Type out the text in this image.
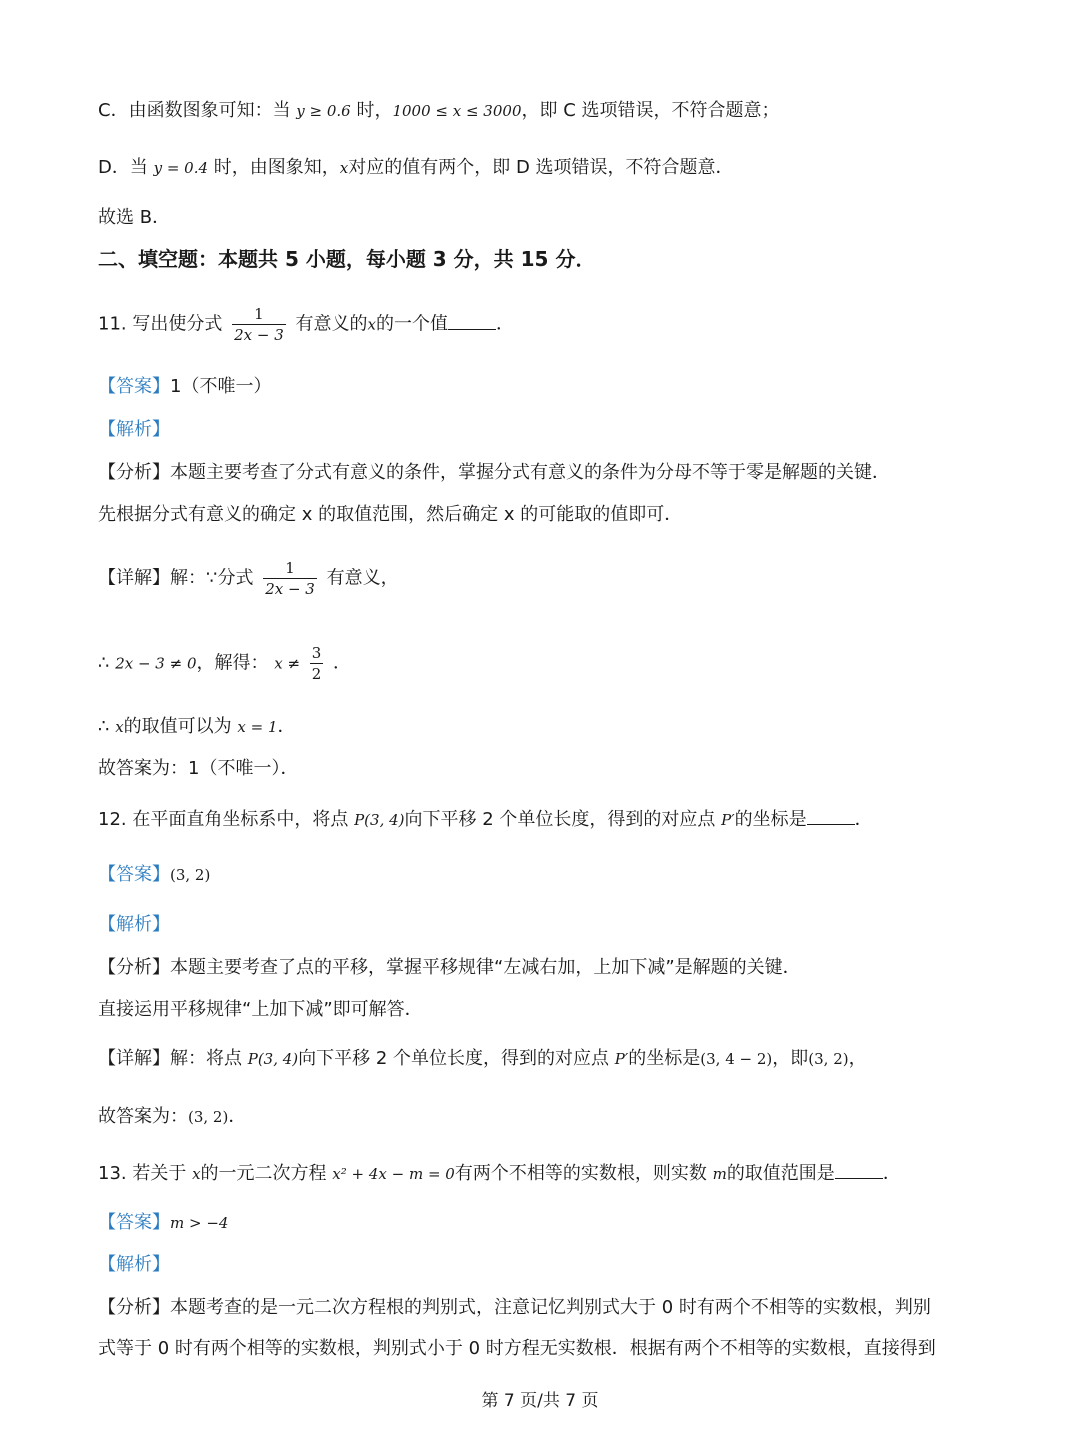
C．由函数图象可知：当 y ≥ 0.6 时，1000 ≤ x ≤ 3000，即 C 选项错误，不符合题意；
D．当 y = 0.4 时，由图象知，x对应的值有两个，即 D 选项错误，不符合题意．
故选 B．
二、填空题：本题共 5 小题，每小题 3 分，共 15 分．
11. 写出使分式 $\frac{1}{2x - 3}$ 有意义的x的一个值	．
【答案】1（不唯一）
【解析】
【分析】本题主要考查了分式有意义的条件，掌握分式有意义的条件为分母不等于零是解题的关键．
先根据分式有意义的确定 x 的取值范围，然后确定 x 的可能取的值即可．
【详解】解：∵分式 $\frac{1}{2x - 3}$ 有意义，
∴ 2x − 3 ≠ 0，解得： $x \ne \frac{3}{2}$ ．
∴ x的取值可以为 x = 1．
故答案为：1（不唯一）．
12. 在平面直角坐标系中，将点 P(3, 4)向下平移 2 个单位长度，得到的对应点 P′的坐标是	．
【答案】(3, 2)
【解析】
【分析】本题主要考查了点的平移，掌握平移规律“左减右加，上加下减”是解题的关键．
直接运用平移规律“上加下减”即可解答．
【详解】解：将点 P(3, 4)向下平移 2 个单位长度，得到的对应点 P′的坐标是(3, 4 − 2)，即(3, 2)，
故答案为：(3, 2)．
13. 若关于 x的一元二次方程 x² + 4x − m = 0有两个不相等的实数根，则实数 m的取值范围是	．
【答案】m > −4
【解析】
【分析】本题考查的是一元二次方程根的判别式，注意记忆判别式大于 0 时有两个不相等的实数根，判别
式等于 0 时有两个相等的实数根，判别式小于 0 时方程无实数根．根据有两个不相等的实数根，直接得到
第 7 页/共 7 页
